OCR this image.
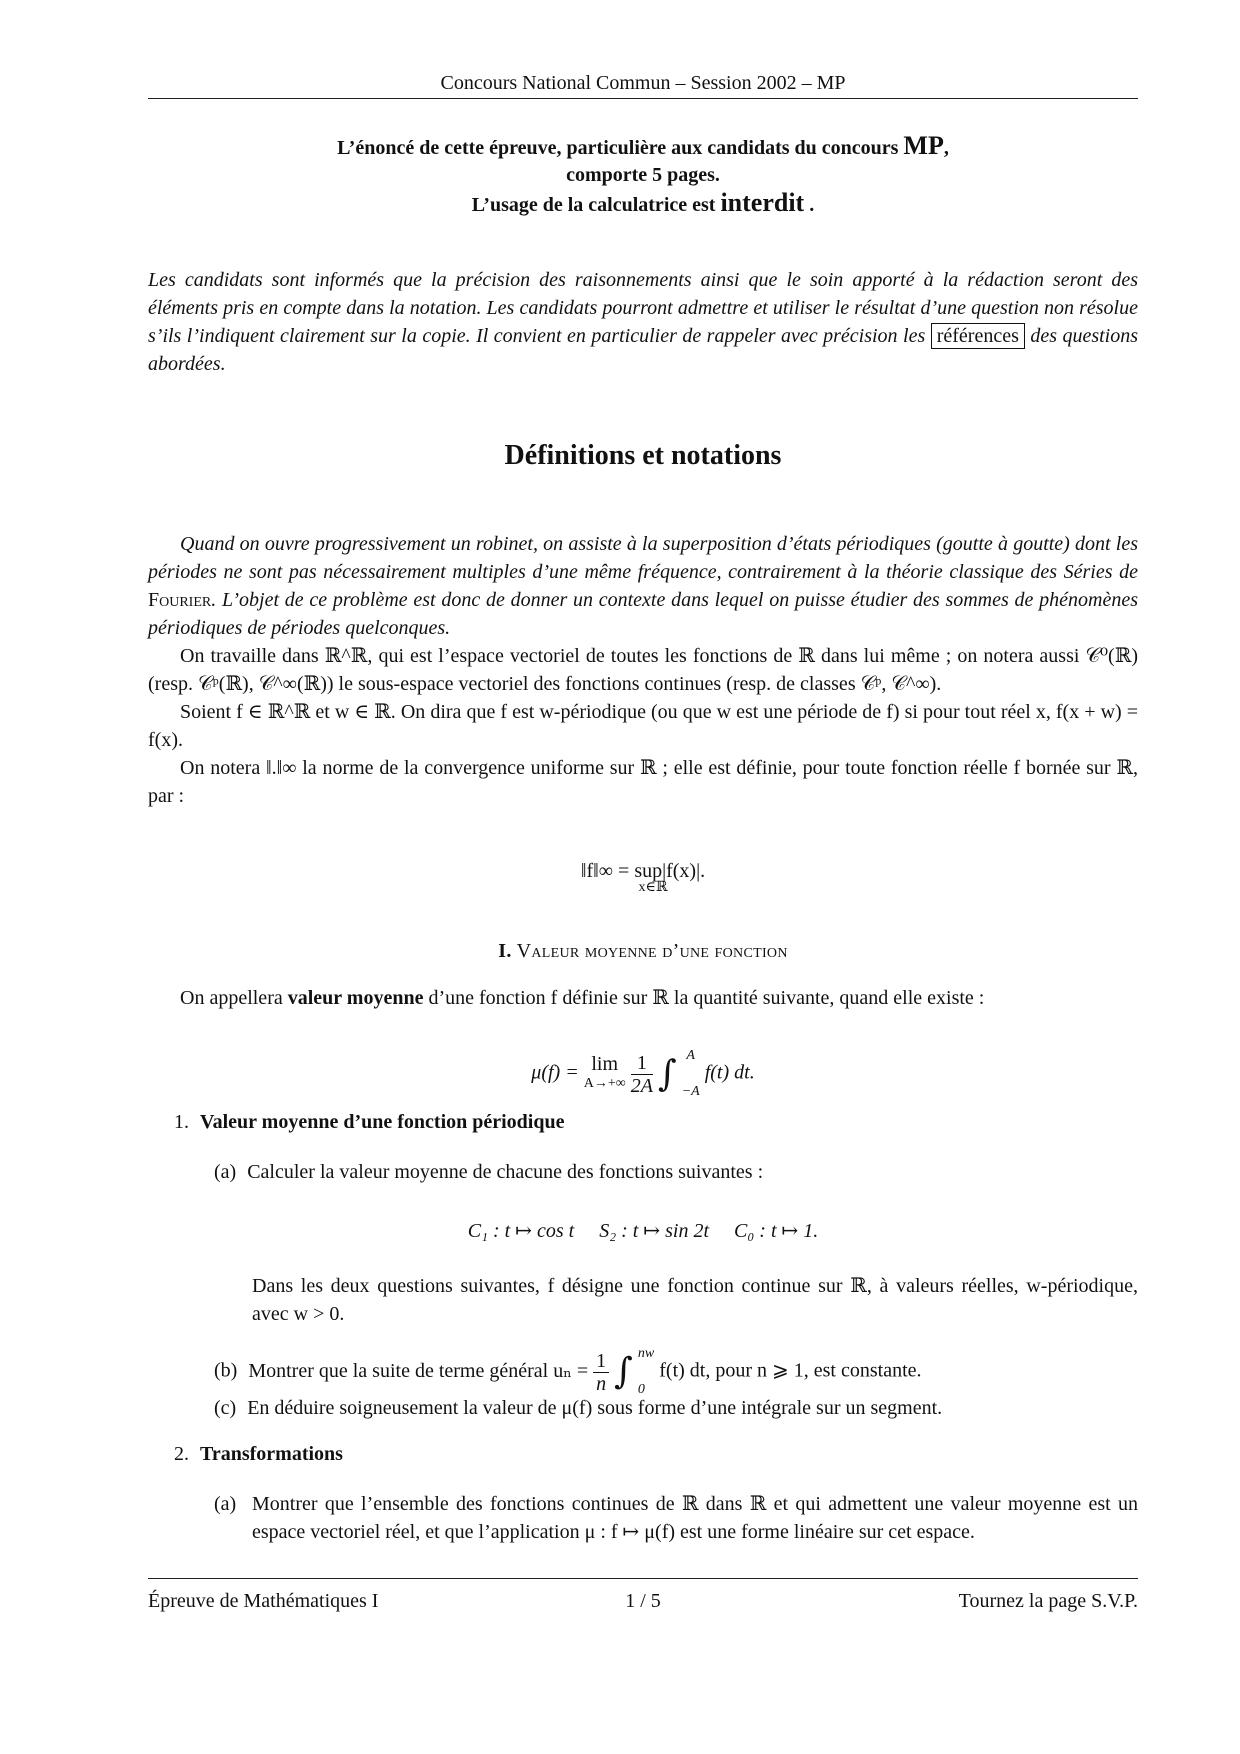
Concours National Commun – Session 2002 – MP
L’énoncé de cette épreuve, particulière aux candidats du concours MP,
comporte 5 pages.
L’usage de la calculatrice est interdit .
Les candidats sont informés que la précision des raisonnements ainsi que le soin apporté à la rédaction seront des éléments pris en compte dans la notation. Les candidats pourront admettre et utiliser le résultat d’une question non résolue s’ils l’indiquent clairement sur la copie. Il convient en particulier de rappeler avec précision les références des questions abordées.
Définitions et notations

Quand on ouvre progressivement un robinet, on assiste à la superposition d’états périodiques (goutte à goutte) dont les périodes ne sont pas nécessairement multiples d’une même fréquence, contrairement à la théorie classique des Séries de Fourier. L’objet de ce problème est donc de donner un contexte dans lequel on puisse étudier des sommes de phénomènes périodiques de périodes quelconques.

On travaille dans ℝ^ℝ, qui est l’espace vectoriel de toutes les fonctions de ℝ dans lui même ; on notera aussi 𝒞⁰(ℝ) (resp. 𝒞ᵖ(ℝ), 𝒞^∞(ℝ)) le sous-espace vectoriel des fonctions continues (resp. de classes 𝒞ᵖ, 𝒞^∞).

Soient f ∈ ℝ^ℝ et w ∈ ℝ. On dira que f est w-périodique (ou que w est une période de f) si pour tout réel x, f(x + w) = f(x).

On notera ‖.‖∞ la norme de la convergence uniforme sur ℝ ; elle est définie, pour toute fonction réelle f bornée sur ℝ, par :

‖f‖∞ = sup|f(x)|.
x∈ℝ
I. Valeur moyenne d’une fonction

On appellera valeur moyenne d’une fonction f définie sur ℝ la quantité suivante, quand elle existe :

μ(f) = lim
A→+∞
$\frac{1}{2A}$ ∫ A
−A
f(t) dt.
1. Valeur moyenne d’une fonction périodique
(a) Calculer la valeur moyenne de chacune des fonctions suivantes :
C₁ : t ↦ cos t     S₂ : t ↦ sin 2t     C₀ : t ↦ 1.
Dans les deux questions suivantes, f désigne une fonction continue sur ℝ, à valeurs réelles, w-périodique, avec w > 0.
(b) Montrer que la suite de terme général $u_n = \frac{1}{n}$ ∫ nw
0
f(t) dt, pour n ⩾ 1, est constante.
(c) En déduire soigneusement la valeur de μ(f) sous forme d’une intégrale sur un segment.
2. Transformations
(a) Montrer que l’ensemble des fonctions continues de ℝ dans ℝ et qui admettent une valeur moyenne est un espace vectoriel réel, et que l’application μ : f ↦ μ(f) est une forme linéaire sur cet espace.
Épreuve de Mathématiques I	1 / 5	Tournez la page S.V.P.
